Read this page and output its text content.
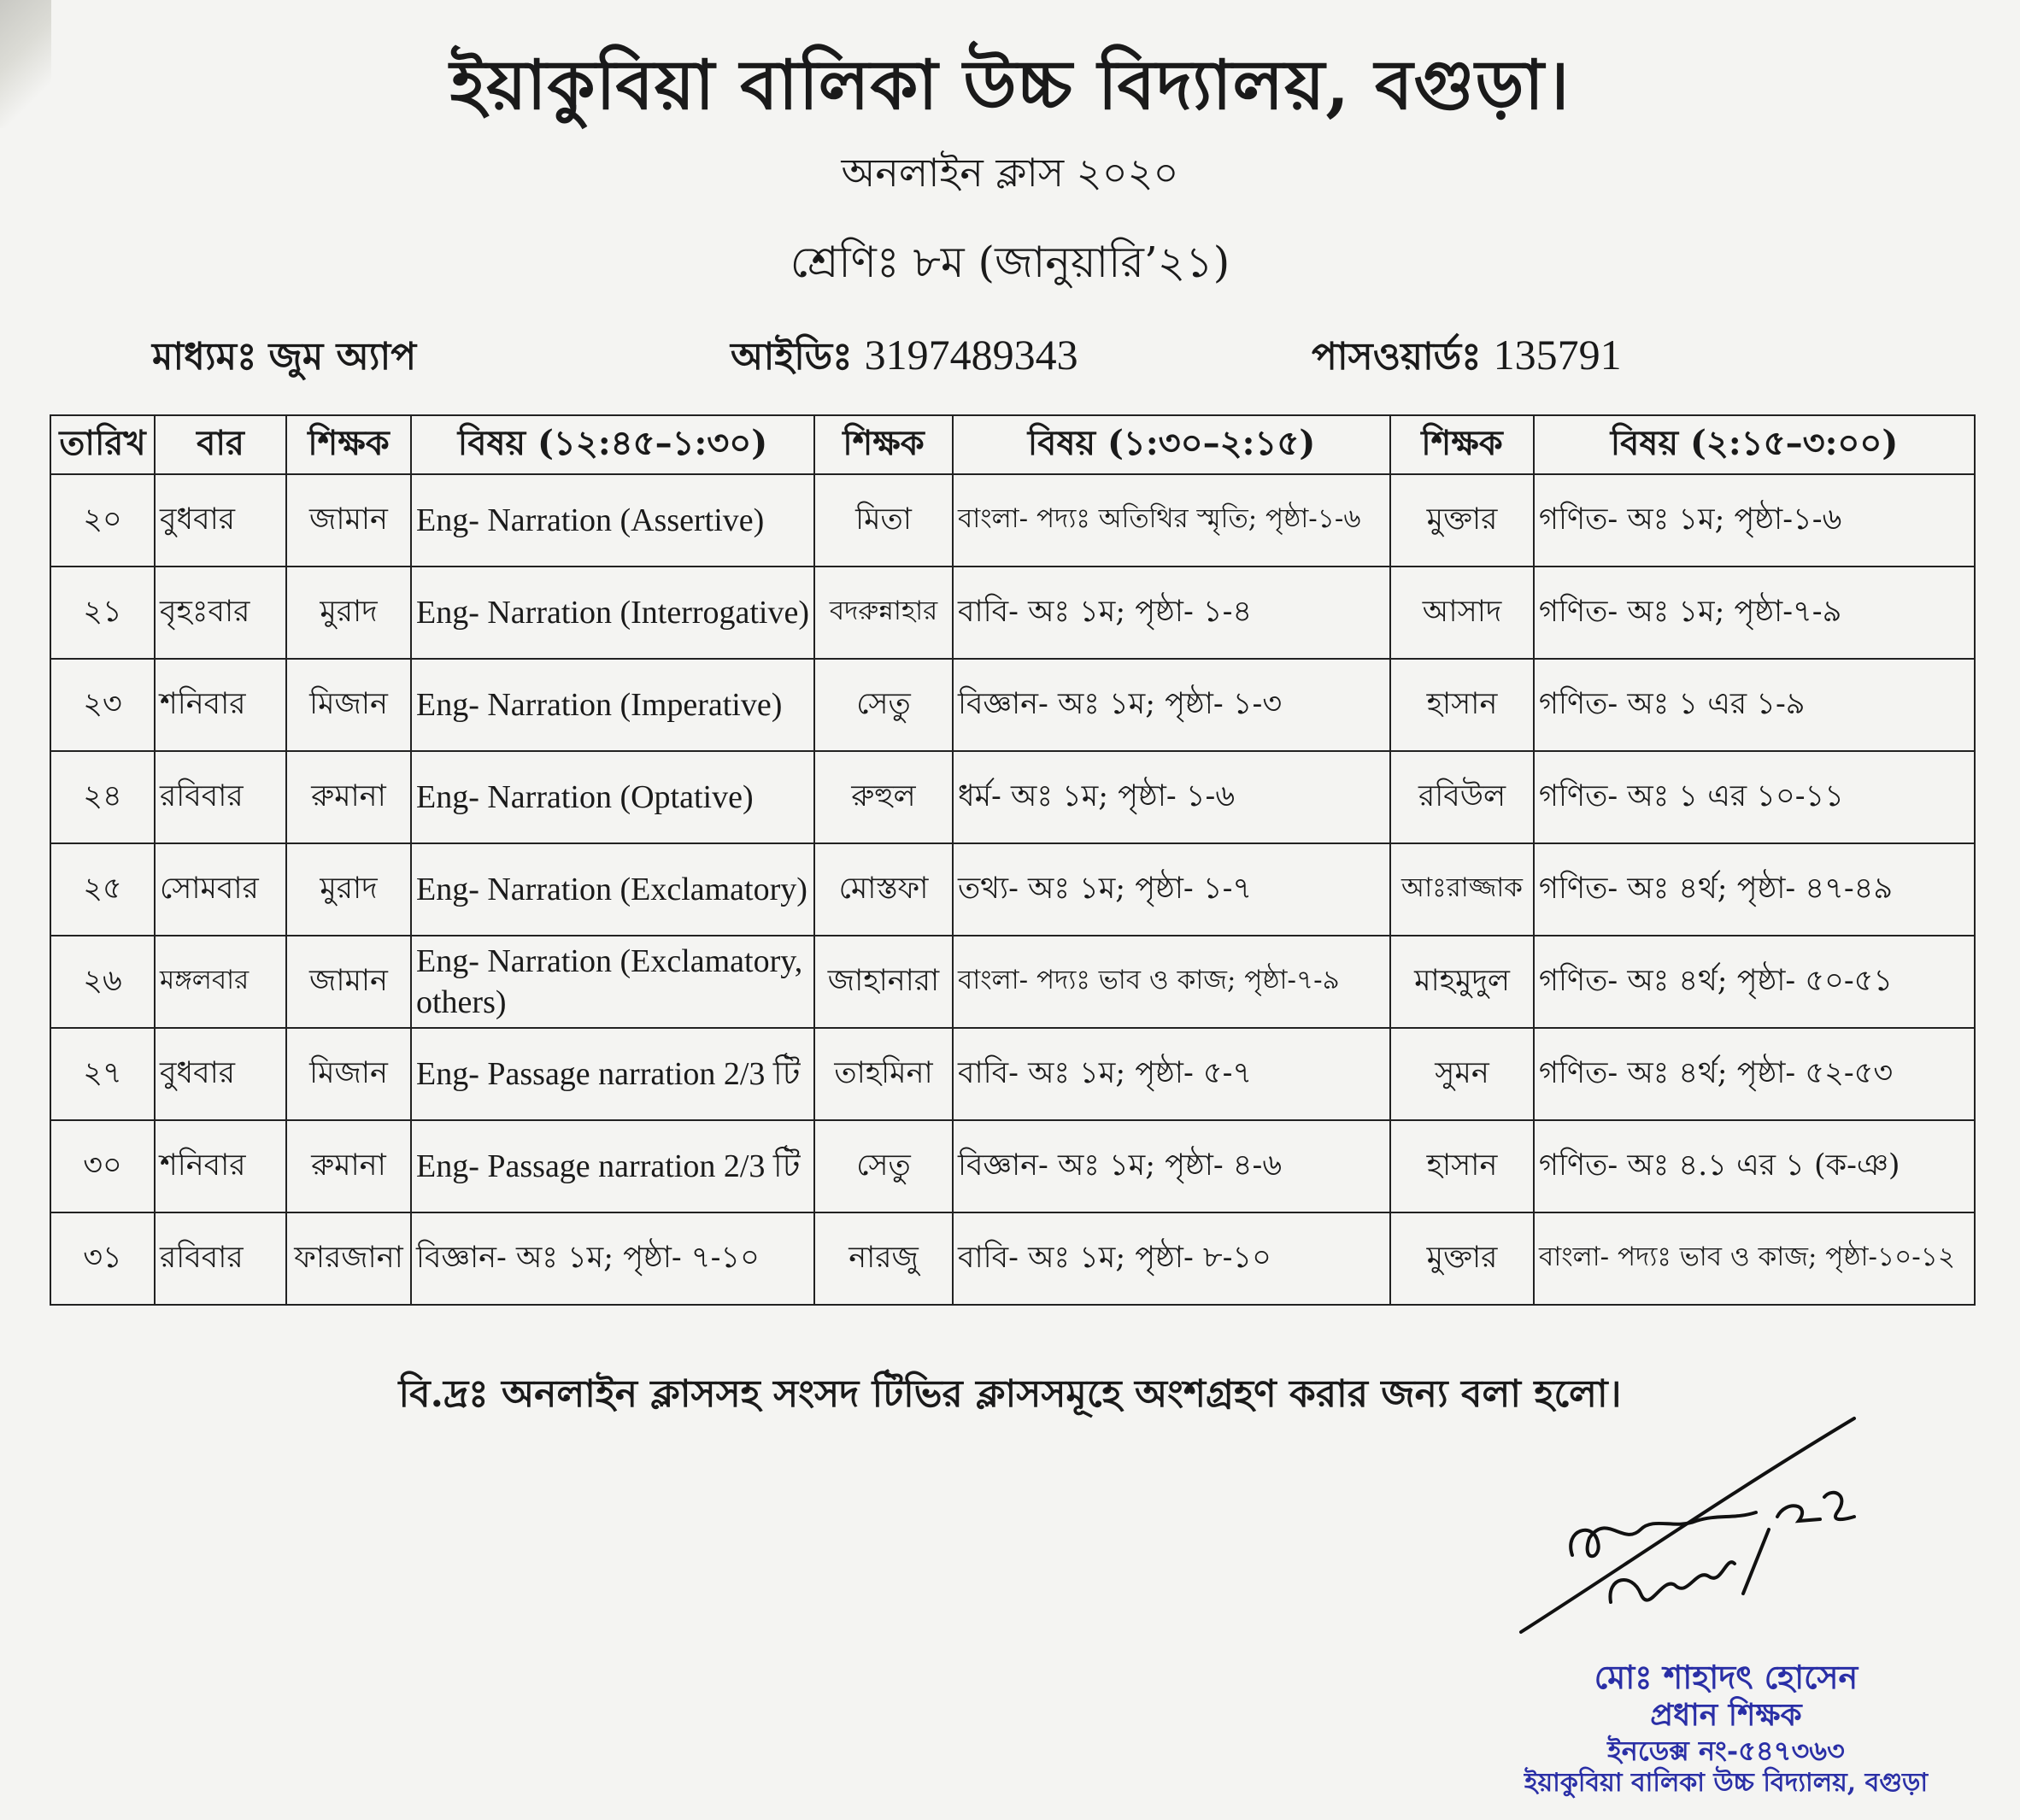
ইয়াকুবিয়া বালিকা উচ্চ বিদ্যালয়, বগুড়া।
অনলাইন ক্লাস ২০২০
শ্রেণিঃ ৮ম (জানুয়ারি’২১)
মাধ্যমঃ জুম অ্যাপ	আইডিঃ 3197489343	পাসওয়ার্ডঃ 135791
তারিখ	বার	শিক্ষক	বিষয় (১২:৪৫–১:৩০)	শিক্ষক	বিষয় (১:৩০–২:১৫)	শিক্ষক	বিষয় (২:১৫–৩:০০)
২০	বুধবার	জামান	Eng- Narration (Assertive)	মিতা	বাংলা- পদ্যঃ অতিথির স্মৃতি; পৃষ্ঠা-১-৬	মুক্তার	গণিত- অঃ ১ম; পৃষ্ঠা-১-৬
২১	বৃহঃবার	মুরাদ	Eng- Narration (Interrogative)	বদরুন্নাহার	বাবি- অঃ ১ম; পৃষ্ঠা- ১-৪	আসাদ	গণিত- অঃ ১ম; পৃষ্ঠা-৭-৯
২৩	শনিবার	মিজান	Eng- Narration (Imperative)	সেতু	বিজ্ঞান- অঃ ১ম; পৃষ্ঠা- ১-৩	হাসান	গণিত- অঃ ১ এর ১-৯
২৪	রবিবার	রুমানা	Eng- Narration (Optative)	রুহুল	ধর্ম- অঃ ১ম; পৃষ্ঠা- ১-৬	রবিউল	গণিত- অঃ ১ এর ১০-১১
২৫	সোমবার	মুরাদ	Eng- Narration (Exclamatory)	মোস্তফা	তথ্য- অঃ ১ম; পৃষ্ঠা- ১-৭	আঃরাজ্জাক	গণিত- অঃ ৪র্থ; পৃষ্ঠা- ৪৭-৪৯
২৬	মঙ্গলবার	জামান	Eng- Narration (Exclamatory, others)	জাহানারা	বাংলা- পদ্যঃ ভাব ও কাজ; পৃষ্ঠা-৭-৯	মাহমুদুল	গণিত- অঃ ৪র্থ; পৃষ্ঠা- ৫০-৫১
২৭	বুধবার	মিজান	Eng- Passage narration 2/3 টি	তাহমিনা	বাবি- অঃ ১ম; পৃষ্ঠা- ৫-৭	সুমন	গণিত- অঃ ৪র্থ; পৃষ্ঠা- ৫২-৫৩
৩০	শনিবার	রুমানা	Eng- Passage narration 2/3 টি	সেতু	বিজ্ঞান- অঃ ১ম; পৃষ্ঠা- ৪-৬	হাসান	গণিত- অঃ ৪.১ এর ১ (ক-ঞ)
৩১	রবিবার	ফারজানা	বিজ্ঞান- অঃ ১ম; পৃষ্ঠা- ৭-১০	নারজু	বাবি- অঃ ১ম; পৃষ্ঠা- ৮-১০	মুক্তার	বাংলা- পদ্যঃ ভাব ও কাজ; পৃষ্ঠা-১০-১২
বি.দ্রঃ অনলাইন ক্লাসসহ সংসদ টিভির ক্লাসসমূহে অংশগ্রহণ করার জন্য বলা হলো।
মোঃ শাহাদৎ হোসেন
প্রধান শিক্ষক
ইনডেক্স নং-৫৪৭৩৬৩
ইয়াকুবিয়া বালিকা উচ্চ বিদ্যালয়, বগুড়া
